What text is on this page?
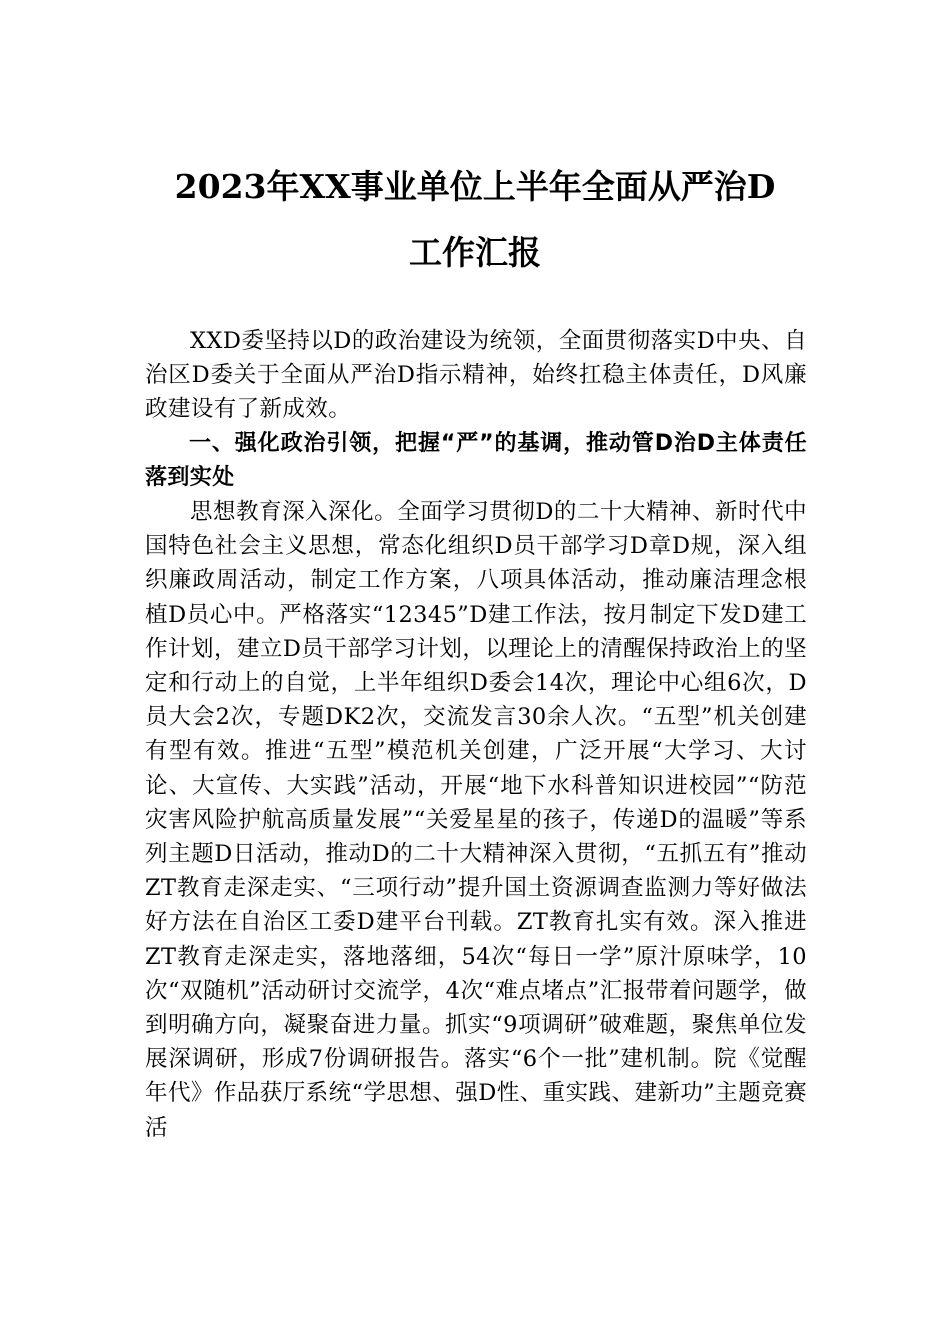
2023年XX事业单位上半年全面从严治D
工作汇报

XXD委坚持以D的政治建设为统领，全面贯彻落实D中央、自治区D委关于全面从严治D指示精神，始终扛稳主体责任，D风廉政建设有了新成效。

一、强化政治引领，把握“严”的基调，推动管D治D主体责任落到实处

思想教育深入深化。全面学习贯彻D的二十大精神、新时代中国特色社会主义思想，常态化组织D员干部学习D章D规，深入组织廉政周活动，制定工作方案，八项具体活动，推动廉洁理念根植D员心中。严格落实“12345”D建工作法，按月制定下发D建工作计划，建立D员干部学习计划，以理论上的清醒保持政治上的坚定和行动上的自觉，上半年组织D委会14次，理论中心组6次，D员大会2次，专题DK2次，交流发言30余人次。“五型”机关创建有型有效。推进“五型”模范机关创建，广泛开展“大学习、大讨论、大宣传、大实践”活动，开展“地下水科普知识进校园”“防范灾害风险护航高质量发展”“关爱星星的孩子，传递D的温暖”等系列主题D日活动，推动D的二十大精神深入贯彻，“五抓五有”推动ZT教育走深走实、“三项行动”提升国土资源调查监测力等好做法好方法在自治区工委D建平台刊载。ZT教育扎实有效。深入推进ZT教育走深走实，落地落细，54次“每日一学”原汁原味学，10次“双随机”活动研讨交流学，4次“难点堵点”汇报带着问题学，做到明确方向，凝聚奋进力量。抓实“9项调研”破难题，聚焦单位发展深调研，形成7份调研报告。落实“6个一批”建机制。院《觉醒年代》作品获厅系统“学思想、强D性、重实践、建新功”主题竞赛活
